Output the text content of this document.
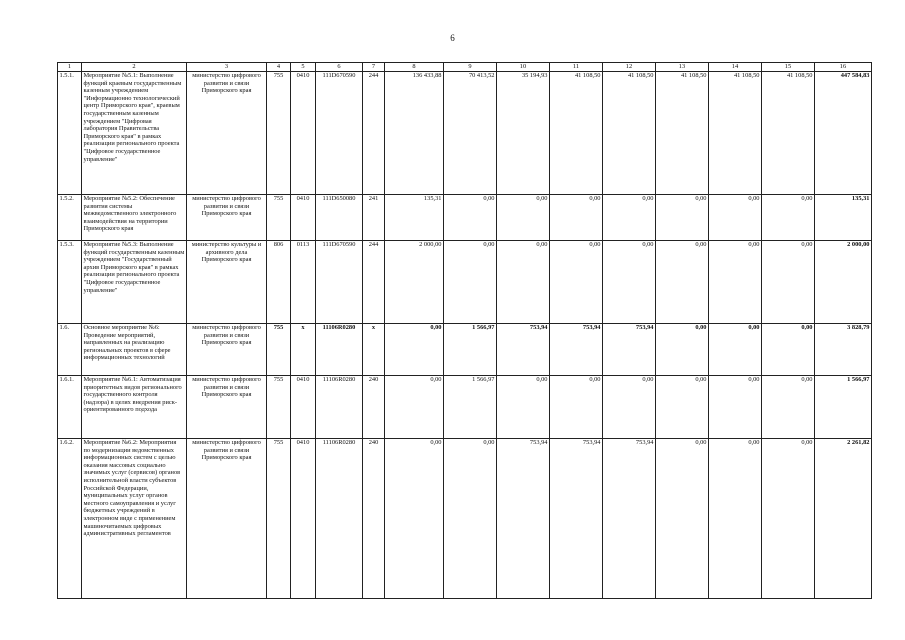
6
1	2	3	4	5	6	7	8	9	10	11	12	13	14	15	16
1.5.1.	Мероприятие №5.1: Выполнение функций краевым государственным казенным учреждением "Информационно технологический центр Приморского края", краевым государственным казенным учреждением "Цифровая лаборатория Правительства Приморского края" в рамках реализации регионального проекта "Цифровое государственное управление"	министерство цифрового развития и связи Приморского края	755	0410	111D670590	244	136 433,88	70 413,52	35 194,93	41 108,50	41 108,50	41 108,50	41 108,50	41 108,50	447 584,83
1.5.2.	Мероприятие №5.2: Обеспечение развития системы межведомственного электронного взаимодействия на территории Приморского края	министерство цифрового развития и связи Приморского края	755	0410	111D650080	241	135,31	0,00	0,00	0,00	0,00	0,00	0,00	0,00	135,31
1.5.3.	Мероприятие №5.3: Выполнение функций государственным казенным учреждением "Государственный архив Приморского края" в рамках реализации регионального проекта "Цифровое государственное управление"	министерство культуры и архивного дела Приморского края	806	0113	111D670590	244	2 000,00	0,00	0,00	0,00	0,00	0,00	0,00	0,00	2 000,00
1.6.	Основное мероприятие №6: Проведение мероприятий, направленных на реализацию региональных проектов в сфере информационных технологий	министерство цифрового развития и связи Приморского края	755	х	11106R0280	х	0,00	1 566,97	753,94	753,94	753,94	0,00	0,00	0,00	3 828,79
1.6.1.	Мероприятие №6.1: Автоматизация приоритетных видов регионального государственного контроля (надзора) в целях внедрения риск-ориентированного подхода	министерство цифрового развития и связи Приморского края	755	0410	11106R0280	240	0,00	1 566,97	0,00	0,00	0,00	0,00	0,00	0,00	1 566,97
1.6.2.	Мероприятие №6.2: Мероприятия по модернизации ведомственных информационных систем с целью оказания массовых социально значимых услуг (сервисов) органов исполнительной власти субъектов Российской Федерации, муниципальных услуг органов местного самоуправления и услуг бюджетных учреждений в электронном виде с применением машиночитаемых цифровых административных регламентов	министерство цифрового развития и связи Приморского края	755	0410	11106R0280	240	0,00	0,00	753,94	753,94	753,94	0,00	0,00	0,00	2 261,82
